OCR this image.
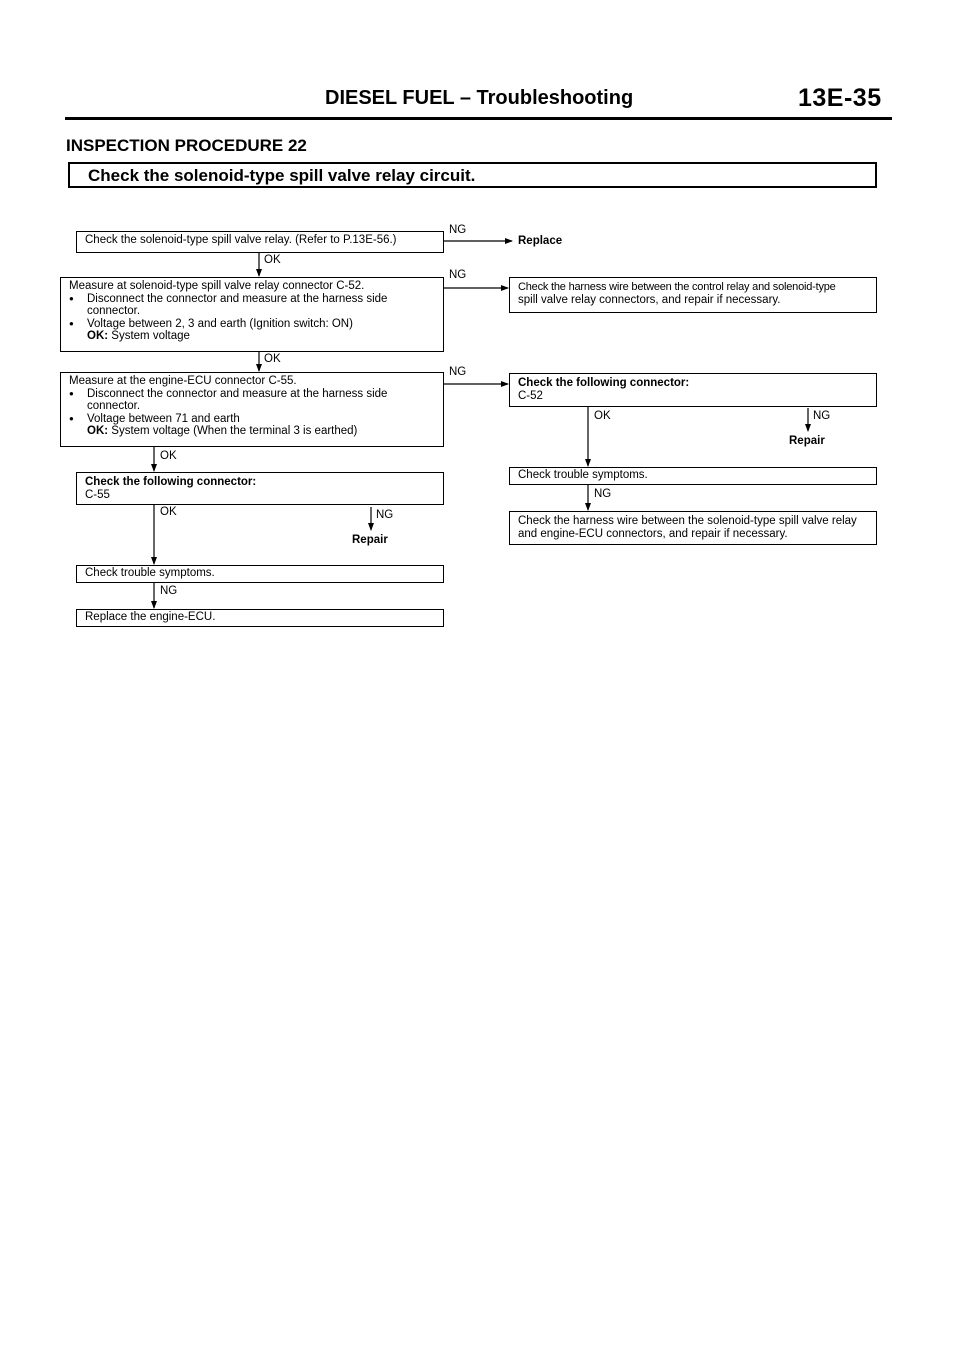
DIESEL FUEL – Troubleshooting	13E-35
INSPECTION PROCEDURE 22
Check the solenoid-type spill valve relay circuit.
Check the solenoid-type spill valve relay. (Refer to P.13E-56.)
Measure at solenoid-type spill valve relay connector C-52.
● Disconnect the connector and measure at the harness side
connector.
● Voltage between 2, 3 and earth (Ignition switch: ON)
OK: System voltage
Measure at the engine-ECU connector C-55.
● Disconnect the connector and measure at the harness side
connector.
● Voltage between 71 and earth
OK: System voltage (When the terminal 3 is earthed)
Check the following connector:
C-55
Check trouble symptoms.
Replace the engine-ECU.
Check the harness wire between the control relay and solenoid-type
spill valve relay connectors, and repair if necessary.
Check the following connector:
C-52
Check trouble symptoms.
Check the harness wire between the solenoid-type spill valve relay
and engine-ECU connectors, and repair if necessary.
NG
Replace
OK
NG
OK
NG
OK
OK	NG
Repair
NG
OK	NG
Repair
NG
